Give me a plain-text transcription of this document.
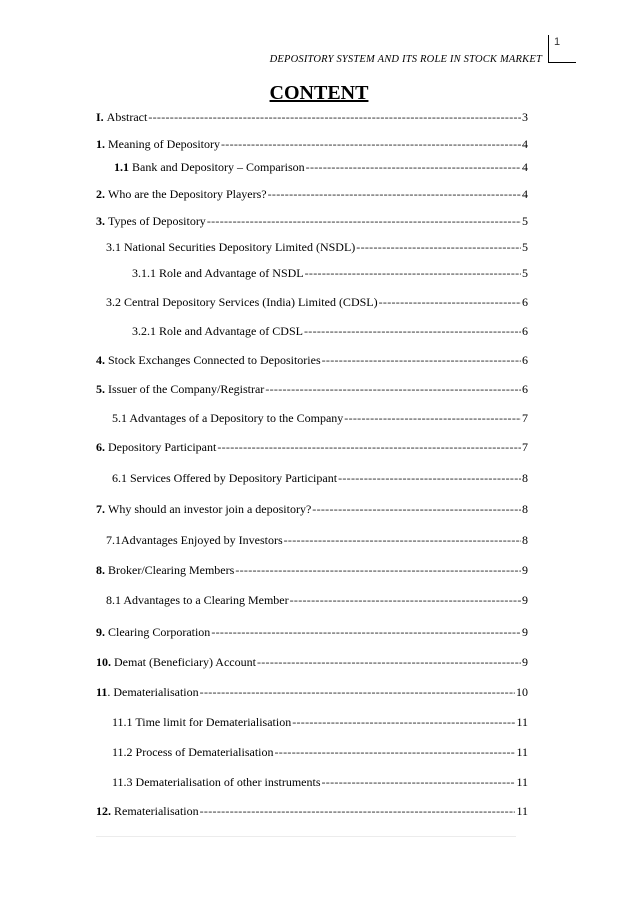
1
DEPOSITORY SYSTEM AND ITS ROLE IN STOCK MARKET
CONTENT
I. Abstract -----	3
1. Meaning of Depository -----	4
1.1 Bank and Depository – Comparison -----	4
2. Who are the Depository Players? -----	4
3. Types of Depository -----	5
3.1 National Securities Depository Limited (NSDL) -----	5
3.1.1 Role and Advantage of NSDL -----	5
3.2 Central Depository Services (India) Limited (CDSL) -----	6
3.2.1 Role and Advantage of CDSL -----	6
4. Stock Exchanges Connected to Depositories -----	6
5. Issuer of the Company/Registrar -----	6
5.1 Advantages of a Depository to the Company -----	7
6. Depository Participant -----	7
6.1 Services Offered by Depository Participant -----	8
7. Why should an investor join a depository? -----	8
7.1Advantages Enjoyed by Investors -----	8
8. Broker/Clearing Members -----	9
8.1 Advantages to a Clearing Member -----	9
9. Clearing Corporation -----	9
10. Demat (Beneficiary) Account -----	9
11 . Dematerialisation -----	10
11.1 Time limit for Dematerialisation -----	11
11.2 Process of Dematerialisation -----	11
11.3 Dematerialisation of other instruments -----	11
12. Rematerialisation -----	11
